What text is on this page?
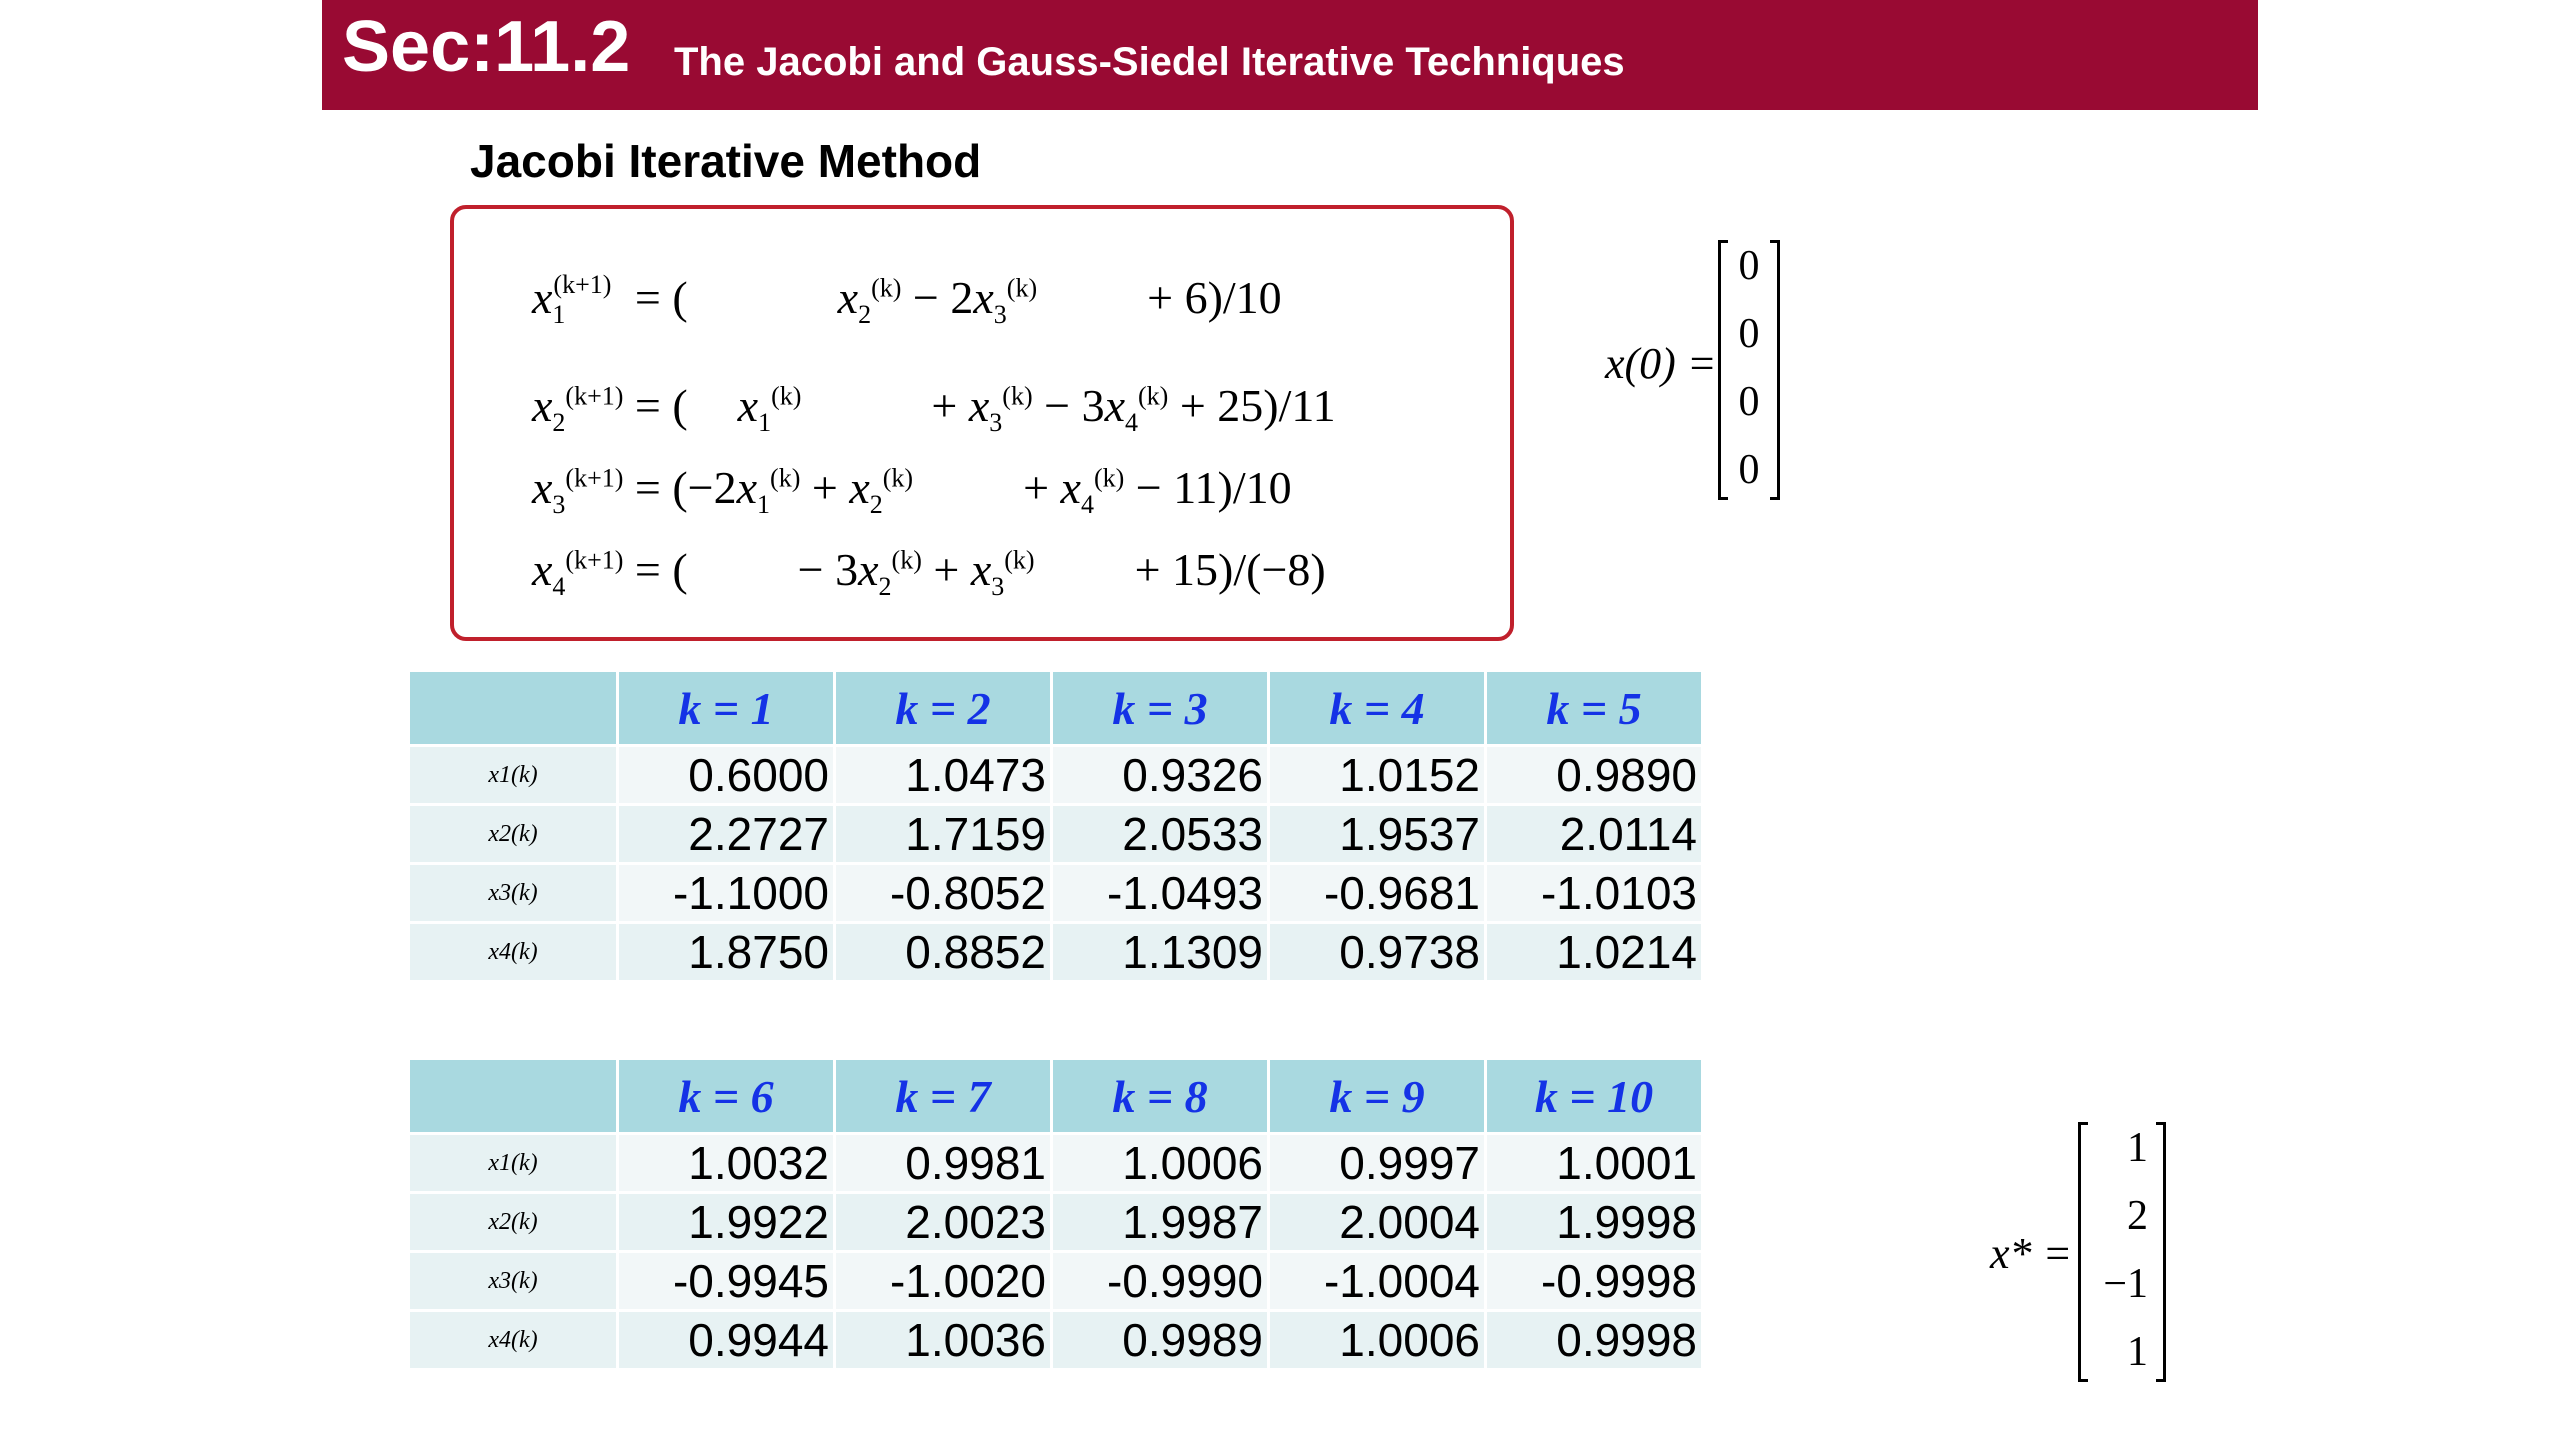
Sec:11.2 The Jacobi and Gauss-Siedel Iterative Techniques
Jacobi Iterative Method
$x_1^{(k+1)}$ = (	$x_2^{(k)} - 2x_3^{(k)} + 6)/10$
$x_2^{(k+1)}$ = ( $x_1^{(k)}$	+ $x_3^{(k)} - 3x_4^{(k)} + 25)/11$
$x_3^{(k+1)} = (-2x_1^{(k)} + x_2^{(k)} + x_4^{(k)} - 11)/10$
$x_4^{(k+1)}$ = ( − $3x_2^{(k)} + x_3^{(k)} + 15)/(-8)$
x(0) =
0
0
0
0
	k = 1	k = 2	k = 3	k = 4	k = 5
x1(k)	0.6000	1.0473	0.9326	1.0152	0.9890
x2(k)	2.2727	1.7159	2.0533	1.9537	2.0114
x3(k)	-1.1000	-0.8052	-1.0493	-0.9681	-1.0103
x4(k)	1.8750	0.8852	1.1309	0.9738	1.0214
	k = 6	k = 7	k = 8	k = 9	k = 10
x1(k)	1.0032	0.9981	1.0006	0.9997	1.0001
x2(k)	1.9922	2.0023	1.9987	2.0004	1.9998
x3(k)	-0.9945	-1.0020	-0.9990	-1.0004	-0.9998
x4(k)	0.9944	1.0036	0.9989	1.0006	0.9998
x* =
1
2
−1
1
